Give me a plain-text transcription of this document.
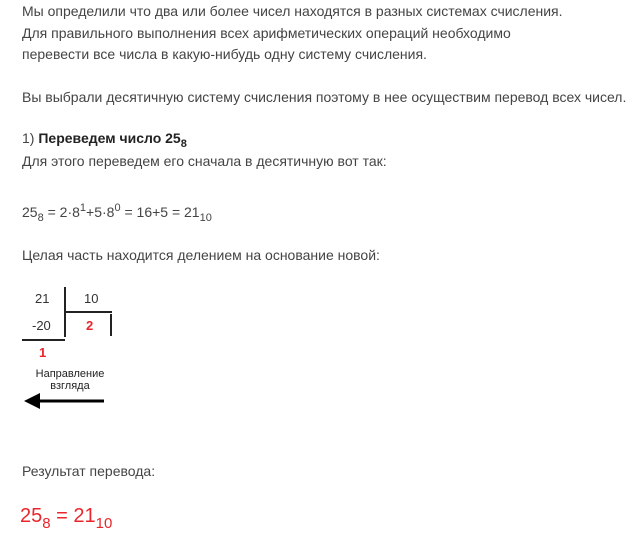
Мы определили что два или более чисел находятся в разных системах счисления.
Для правильного выполнения всех арифметических операций необходимо
перевести все числа в какую-нибудь одну систему счисления.
Вы выбрали десятичную систему счисления поэтому в нее осуществим перевод всех чисел.
1) Переведем число $25_8$
Для этого переведем его сначала в десятичную вот так:
$25_8 = 2\cdot 8^1+5\cdot 8^0 = 16+5 = 21_{10}$
Целая часть находится делением на основание новой:
21	10
-20	2
1
Направление
взгляда
Результат перевода:
$25_8 = 21_{10}$
